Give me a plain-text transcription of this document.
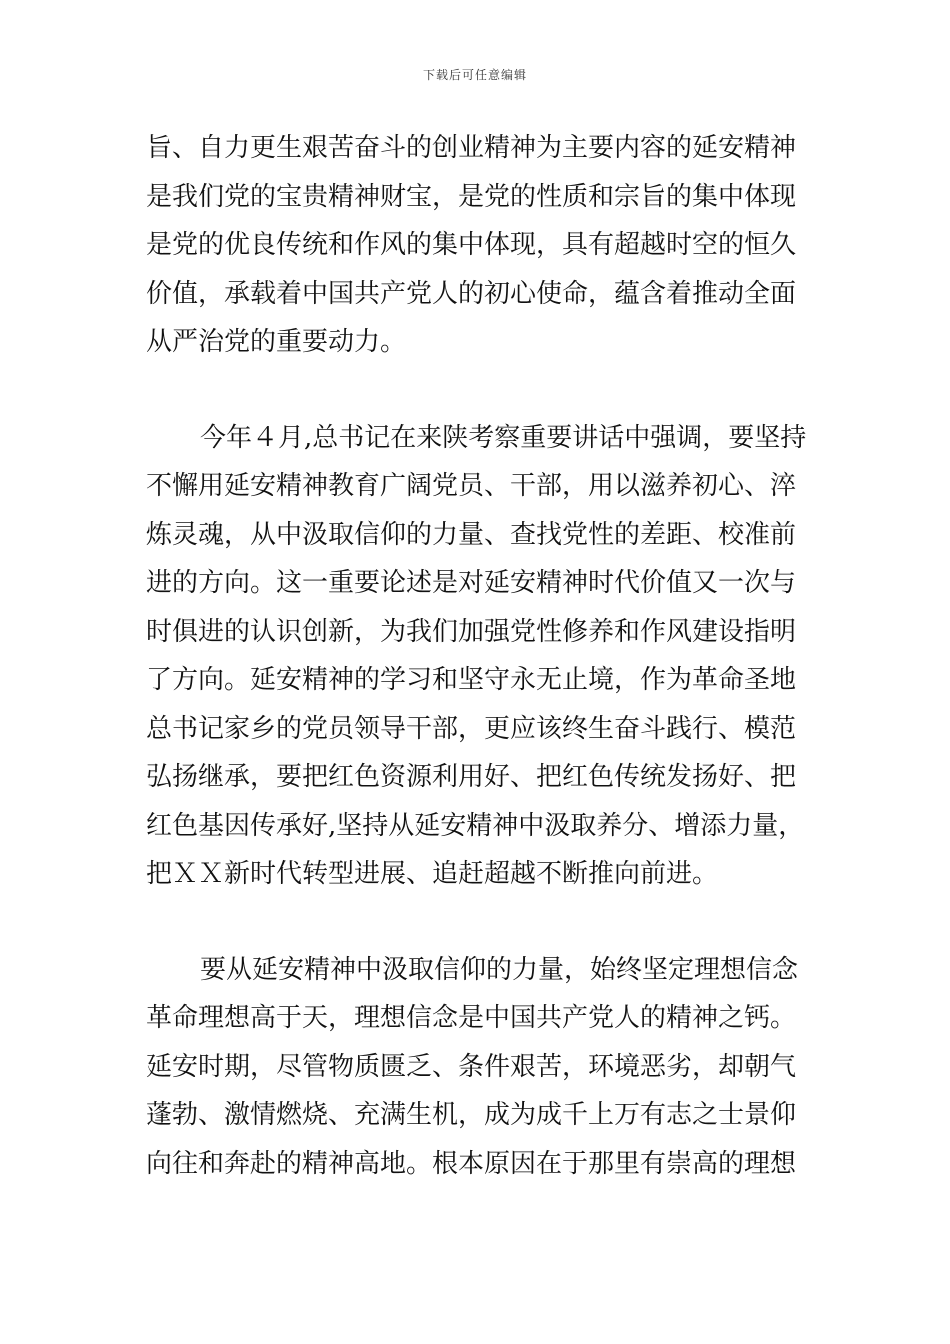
下载后可任意编辑
旨、自力更生艰苦奋斗的创业精神为主要内容的延安精神
是我们党的宝贵精神财宝，是党的性质和宗旨的集中体现
是党的优良传统和作风的集中体现，具有超越时空的恒久
价值，承载着中国共产党人的初心使命，蕴含着推动全面
从严治党的重要动力。
今年４月,总书记在来陕考察重要讲话中强调，要坚持
不懈用延安精神教育广阔党员、干部，用以滋养初心、淬
炼灵魂，从中汲取信仰的力量、查找党性的差距、校准前
进的方向。这一重要论述是对延安精神时代价值又一次与
时俱进的认识创新，为我们加强党性修养和作风建设指明
了方向。延安精神的学习和坚守永无止境，作为革命圣地
总书记家乡的党员领导干部，更应该终生奋斗践行、模范
弘扬继承，要把红色资源利用好、把红色传统发扬好、把
红色基因传承好,坚持从延安精神中汲取养分、增添力量，
把ＸＸ新时代转型进展、追赶超越不断推向前进。
要从延安精神中汲取信仰的力量，始终坚定理想信念
革命理想高于天，理想信念是中国共产党人的精神之钙。
延安时期，尽管物质匮乏、条件艰苦，环境恶劣，却朝气
蓬勃、激情燃烧、充满生机，成为成千上万有志之士景仰
向往和奔赴的精神高地。根本原因在于那里有崇高的理想
